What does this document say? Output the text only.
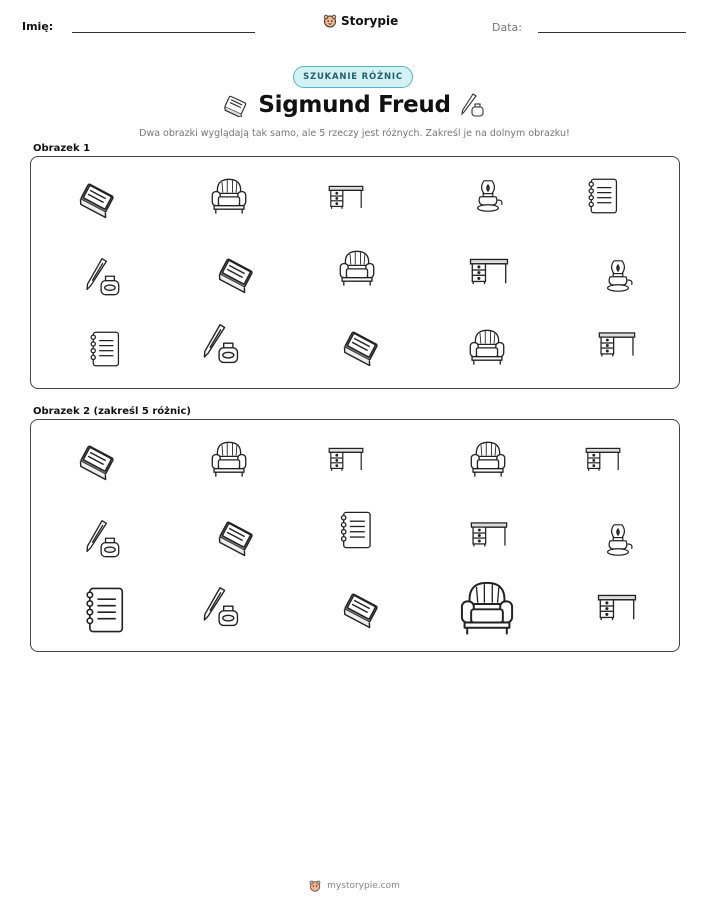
Imię:	Storypie	Data:
SZUKANIE RÓŻNIC
Sigmund Freud
Dwa obrazki wyglądają tak samo, ale 5 rzeczy jest różnych. Zakreśl je na dolnym obrazku!
Obrazek 1
Obrazek 2 (zakreśl 5 różnic)
mystorypie.com
